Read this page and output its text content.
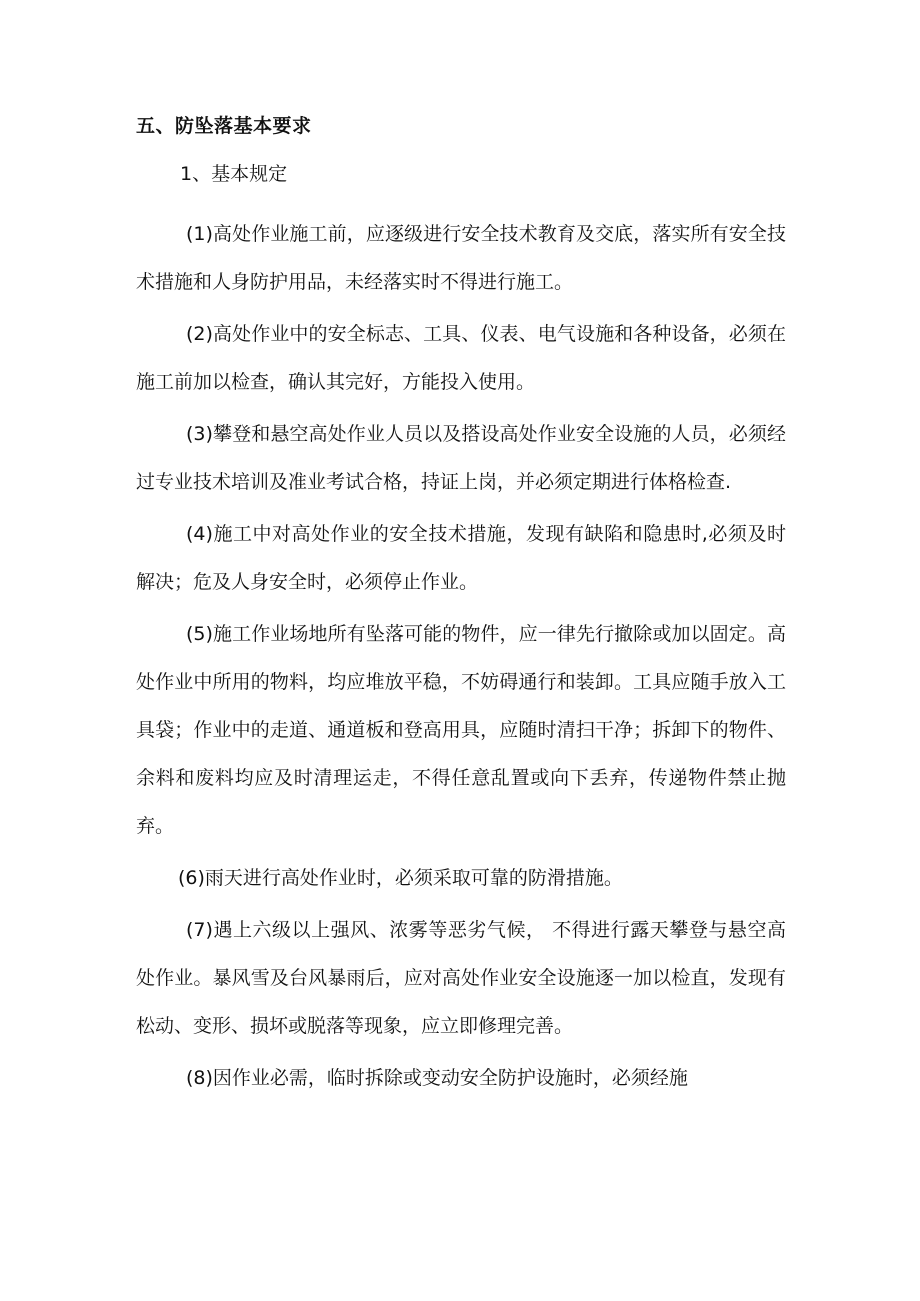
五、防坠落基本要求
1、基本规定

(1)高处作业施工前，应逐级进行安全技术教育及交底，落实所有安全技术措施和人身防护用品，未经落实时不得进行施工。

(2)高处作业中的安全标志、工具、仪表、电气设施和各种设备，必须在施工前加以检查，确认其完好，方能投入使用。

(3)攀登和悬空高处作业人员以及搭设高处作业安全设施的人员，必须经过专业技术培训及准业考试合格，持证上岗，并必须定期进行体格检查.

(4)施工中对高处作业的安全技术措施，发现有缺陷和隐患时,必须及时解决；危及人身安全时，必须停止作业。

(5)施工作业场地所有坠落可能的物件，应一律先行撤除或加以固定。高处作业中所用的物料，均应堆放平稳，不妨碍通行和装卸。工具应随手放入工具袋；作业中的走道、通道板和登高用具，应随时清扫干净；拆卸下的物件、余料和废料均应及时清理运走，不得任意乱置或向下丢弃，传递物件禁止抛弃。

(6)雨天进行高处作业时，必须采取可靠的防滑措施。

(7)遇上六级以上强风、浓雾等恶劣气候， 不得进行露天攀登与悬空高处作业。暴风雪及台风暴雨后，应对高处作业安全设施逐一加以检直，发现有松动、变形、损坏或脱落等现象，应立即修理完善。

(8)因作业必需，临时拆除或变动安全防护设施时，必须经施
